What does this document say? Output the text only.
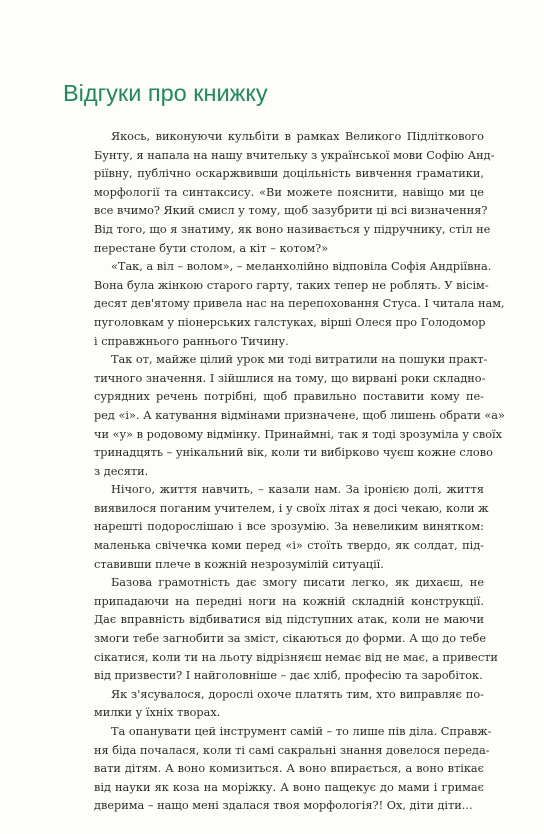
Відгуки про книжку
Якось, виконуючи кульбіти в рамках Великого Підліткового
Бунту, я напала на нашу вчительку з української мови Софію Анд-
ріївну, публічно оскаржвивши доцільність вивчення граматики,
морфології та синтаксису. «Ви можете пояснити, навіщо ми це
все вчимо? Який смисл у тому, щоб зазубрити ці всі визначення?
Від того, що я знатиму, як воно називається у підручнику, стіл не
перестане бути столом, а кіт – котом?»
«Так, а віл – волом», – меланхолійно відповіла Софія Андріївна.
Вона була жінкою старого гарту, таких тепер не роблять. У вісім-
десят дев'ятому привела нас на перепоховання Стуса. І читала нам,
пуголовкам у піонерських галстуках, вірші Олеся про Голодомор
і справжнього раннього Тичину.
Так от, майже цілий урок ми тоді витратили на пошуки практ-
тичного значення. І зійшлися на тому, що вирвані роки складно-
сурядних речень потрібні, щоб правильно поставити кому пе-
ред «і». А катування відмінами призначене, щоб лишень обрати «а»
чи «у» в родовому відмінку. Принаймні, так я тоді зрозуміла у своїх
тринадцять – унікальний вік, коли ти вибірково чуєш кожне слово
з десяти.
Нічого, життя навчить, – казали нам. За іронією долі, життя
виявилося поганим учителем, і у своїх літах я досі чекаю, коли ж
нарешті подорослішаю і все зрозумію. За невеликим винятком:
маленька свічечка коми перед «і» стоїть твердо, як солдат, під-
ставивши плече в кожній незрозумілій ситуації.
Базова грамотність дає змогу писати легко, як дихаєш, не
припадаючи на передні ноги на кожній складній конструкції.
Дає вправність відбиватися від підступних атак, коли не маючи
змоги тебе загнобити за зміст, сікаються до форми. А що до тебе
сікатися, коли ти на льоту відрізняєш немає від не має, а привести
від призвести? І найголовніше – дає хліб, професію та заробіток.
Як з'ясувалося, дорослі охоче платять тим, хто виправляє по-
милки у їхніх творах.
Та опанувати цей інструмент самій – то лише пів діла. Справж-
ня біда почалася, коли ті самі сакральні знання довелося переда-
вати дітям. А воно комизиться. А воно впирається, а воно втікає
від науки як коза на моріжку. А воно пащекує до мами і гримає
дверима – нащо мені здалася твоя морфологія?! Ох, діти діти...
